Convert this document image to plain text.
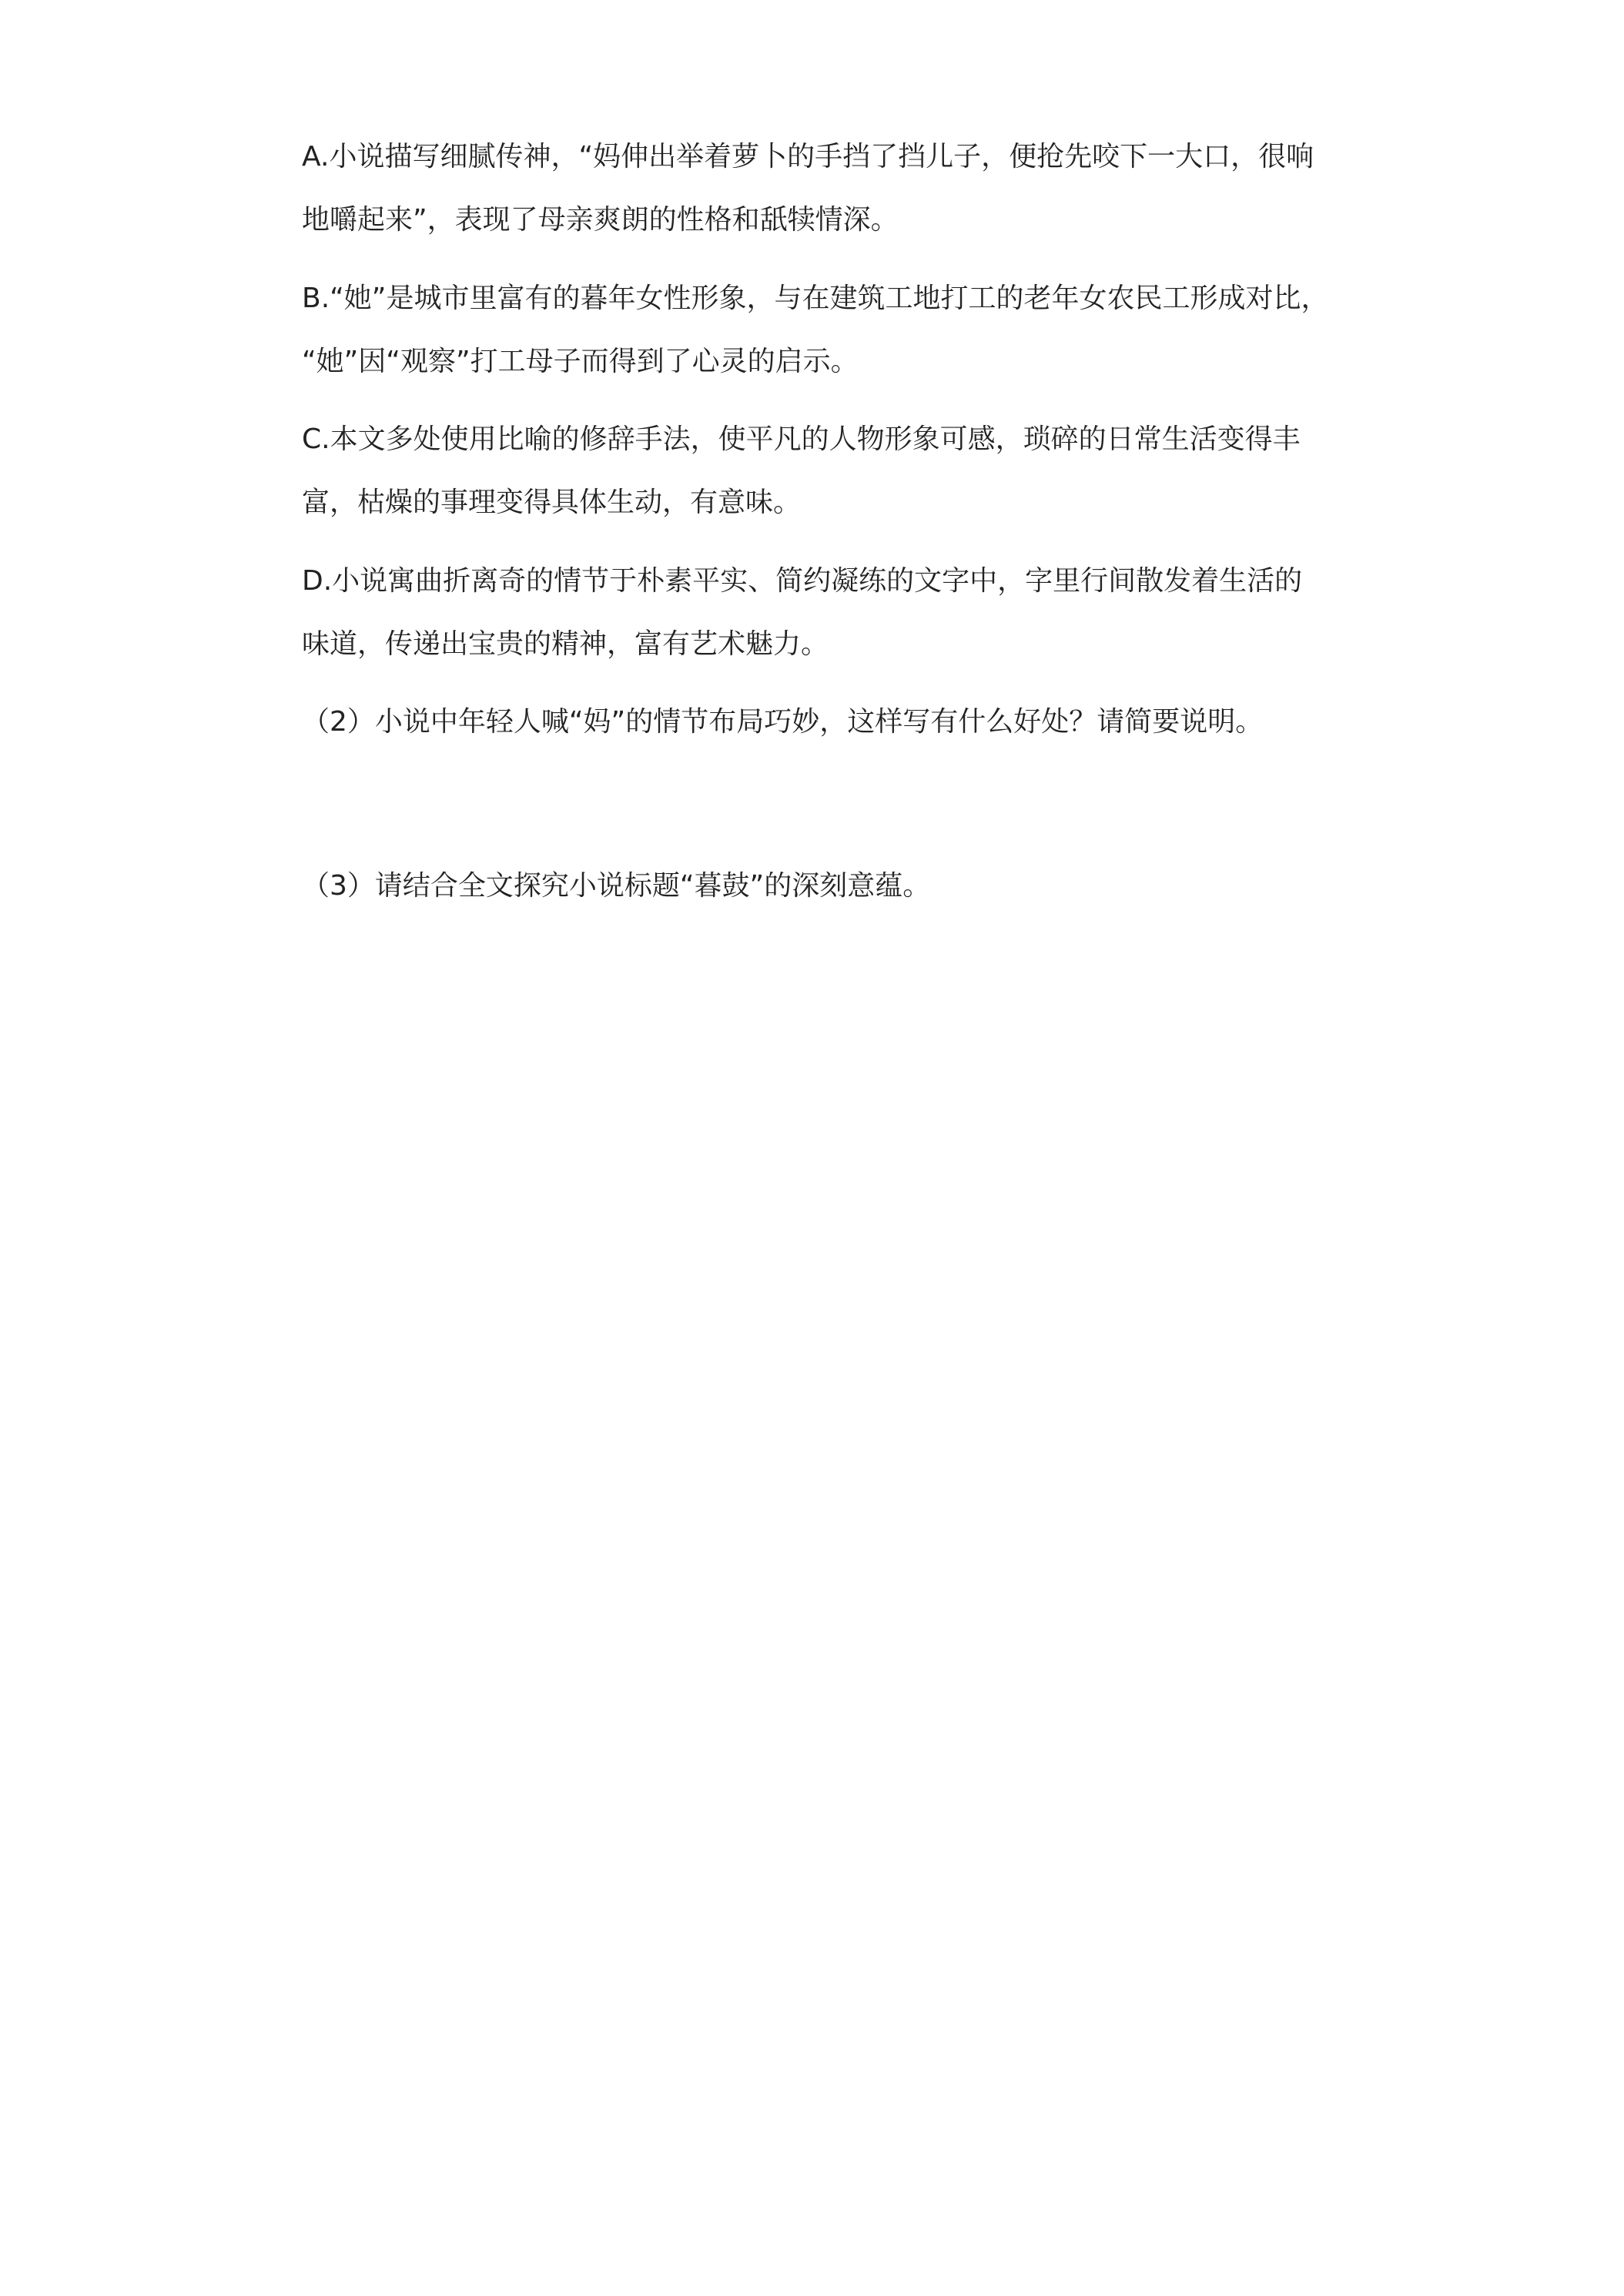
A.小说描写细腻传神，“妈伸出举着萝卜的手挡了挡儿子，便抢先咬下一大口，很响
地嚼起来”，表现了母亲爽朗的性格和舐犊情深。
B.“她”是城市里富有的暮年女性形象，与在建筑工地打工的老年女农民工形成对比，
“她”因“观察”打工母子而得到了心灵的启示。
C.本文多处使用比喻的修辞手法，使平凡的人物形象可感，琐碎的日常生活变得丰
富，枯燥的事理变得具体生动，有意味。
D.小说寓曲折离奇的情节于朴素平实、简约凝练的文字中，字里行间散发着生活的
味道，传递出宝贵的精神，富有艺术魅力。
（2）小说中年轻人喊“妈”的情节布局巧妙，这样写有什么好处？请简要说明。
（3）请结合全文探究小说标题“暮鼓”的深刻意蕴。
